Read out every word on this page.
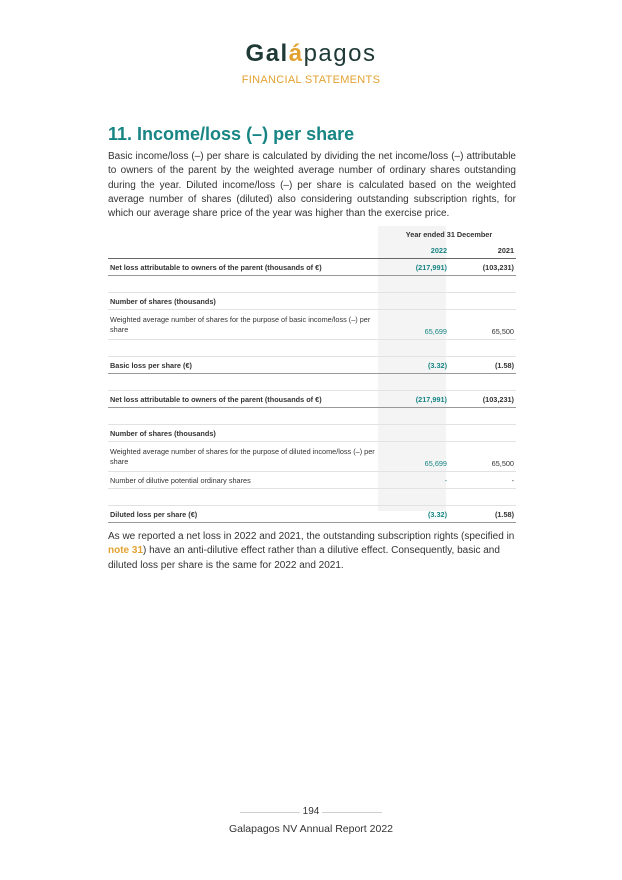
Galápagos
FINANCIAL STATEMENTS
11. Income/loss (–) per share
Basic income/loss (–) per share is calculated by dividing the net income/loss (–) attributable to owners of the parent by the weighted average number of ordinary shares outstanding during the year. Diluted income/loss (–) per share is calculated based on the weighted average number of shares (diluted) also considering outstanding subscription rights, for which our average share price of the year was higher than the exercise price.
	Year ended 31 December	
	2022	2021
Net loss attributable to owners of the parent (thousands of €)	(217,991)	(103,231)

Number of shares (thousands)		
Weighted average number of shares for the purpose of basic income/loss (–) per share	65,699	65,500

Basic loss per share (€)	(3.32)	(1.58)

Net loss attributable to owners of the parent (thousands of €)	(217,991)	(103,231)

Number of shares (thousands)		
Weighted average number of shares for the purpose of diluted income/loss (–) per share	65,699	65,500
Number of dilutive potential ordinary shares	-	-

Diluted loss per share (€)	(3.32)	(1.58)
As we reported a net loss in 2022 and 2021, the outstanding subscription rights (specified in note 31) have an anti-dilutive effect rather than a dilutive effect. Consequently, basic and diluted loss per share is the same for 2022 and 2021.
194
Galapagos NV Annual Report 2022
